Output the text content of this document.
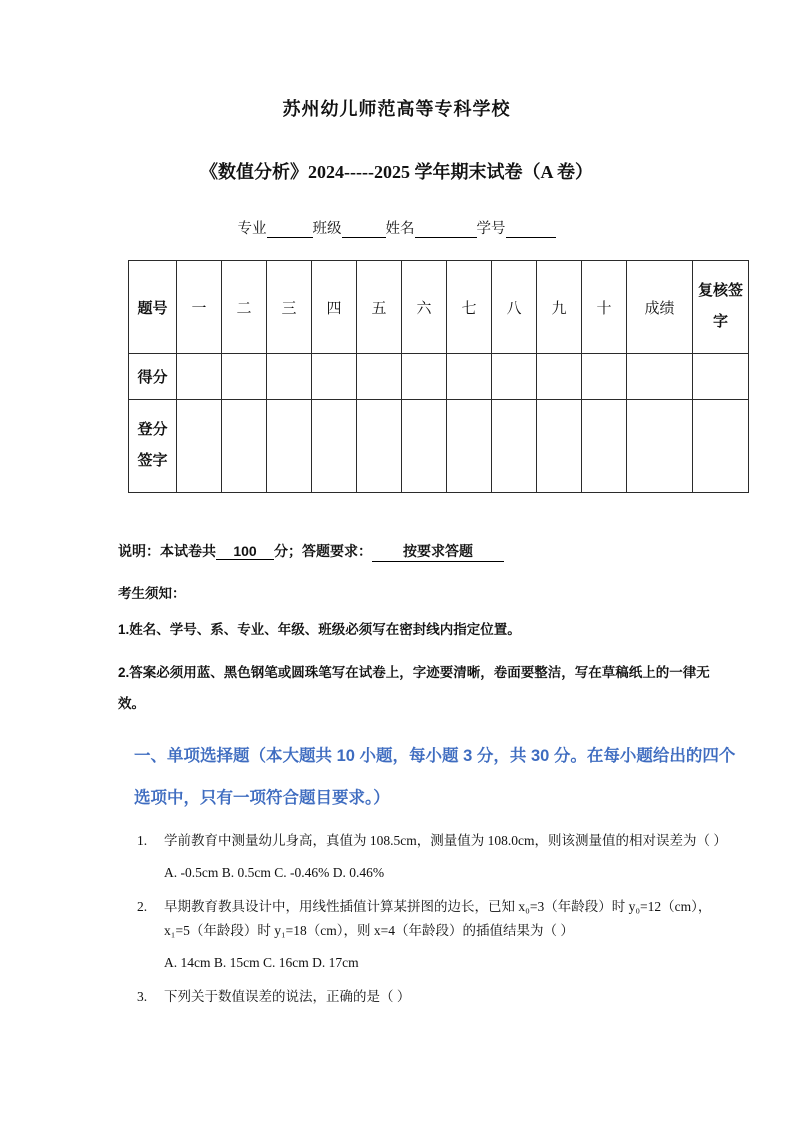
苏州幼儿师范高等专科学校
《数值分析》2024-----2025 学年期末试卷（A 卷）
专业	班级	姓名	学号
题号	一	二	三	四	五	六	七	八	九	十	成绩	复核签字
得分												
登分签字												
说明：本试卷共 100 分；答题要求： 按要求答题
考生须知：
1.姓名、学号、系、专业、年级、班级必须写在密封线内指定位置。
2.答案必须用蓝、黑色钢笔或圆珠笔写在试卷上，字迹要清晰，卷面要整洁，写在草稿纸上的一律无效。
一、单项选择题（本大题共 10 小题，每小题 3 分，共 30 分。在每小题给出的四个选项中，只有一项符合题目要求。）
1.	学前教育中测量幼儿身高，真值为 108.5cm，测量值为 108.0cm，则该测量值的相对误差为（ ）
A. -0.5cm B. 0.5cm C. -0.46% D. 0.46%
2.	早期教育教具设计中，用线性插值计算某拼图的边长，已知 x₀=3（年龄段）时 y₀=12（cm），x₁=5（年龄段）时 y₁=18（cm），则 x=4（年龄段）的插值结果为（ ）
A. 14cm B. 15cm C. 16cm D. 17cm
3.	下列关于数值误差的说法，正确的是（ ）
